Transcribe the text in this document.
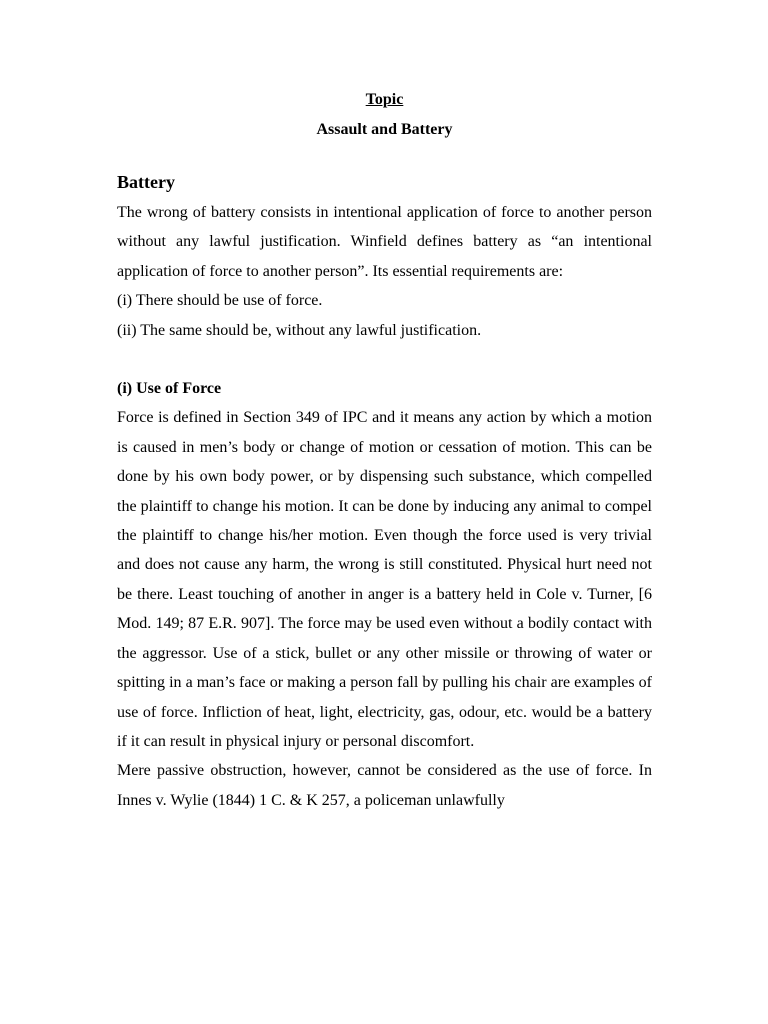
Topic

Assault and Battery

Battery

The wrong of battery consists in intentional application of force to another person without any lawful justification. Winfield defines battery as “an intentional application of force to another person”. Its essential requirements are:

(i) There should be use of force.

(ii) The same should be, without any lawful justification.

(i) Use of Force

Force is defined in Section 349 of IPC and it means any action by which a motion is caused in men’s body or change of motion or cessation of motion. This can be done by his own body power, or by dispensing such substance, which compelled the plaintiff to change his motion. It can be done by inducing any animal to compel the plaintiff to change his/her motion. Even though the force used is very trivial and does not cause any harm, the wrong is still constituted. Physical hurt need not be there. Least touching of another in anger is a battery held in Cole v. Turner, [6 Mod. 149; 87 E.R. 907]. The force may be used even without a bodily contact with the aggressor. Use of a stick, bullet or any other missile or throwing of water or spitting in a man’s face or making a person fall by pulling his chair are examples of use of force. Infliction of heat, light, electricity, gas, odour, etc. would be a battery if it can result in physical injury or personal discomfort.

Mere passive obstruction, however, cannot be considered as the use of force. In Innes v. Wylie (1844) 1 C. & K 257, a policeman unlawfully
